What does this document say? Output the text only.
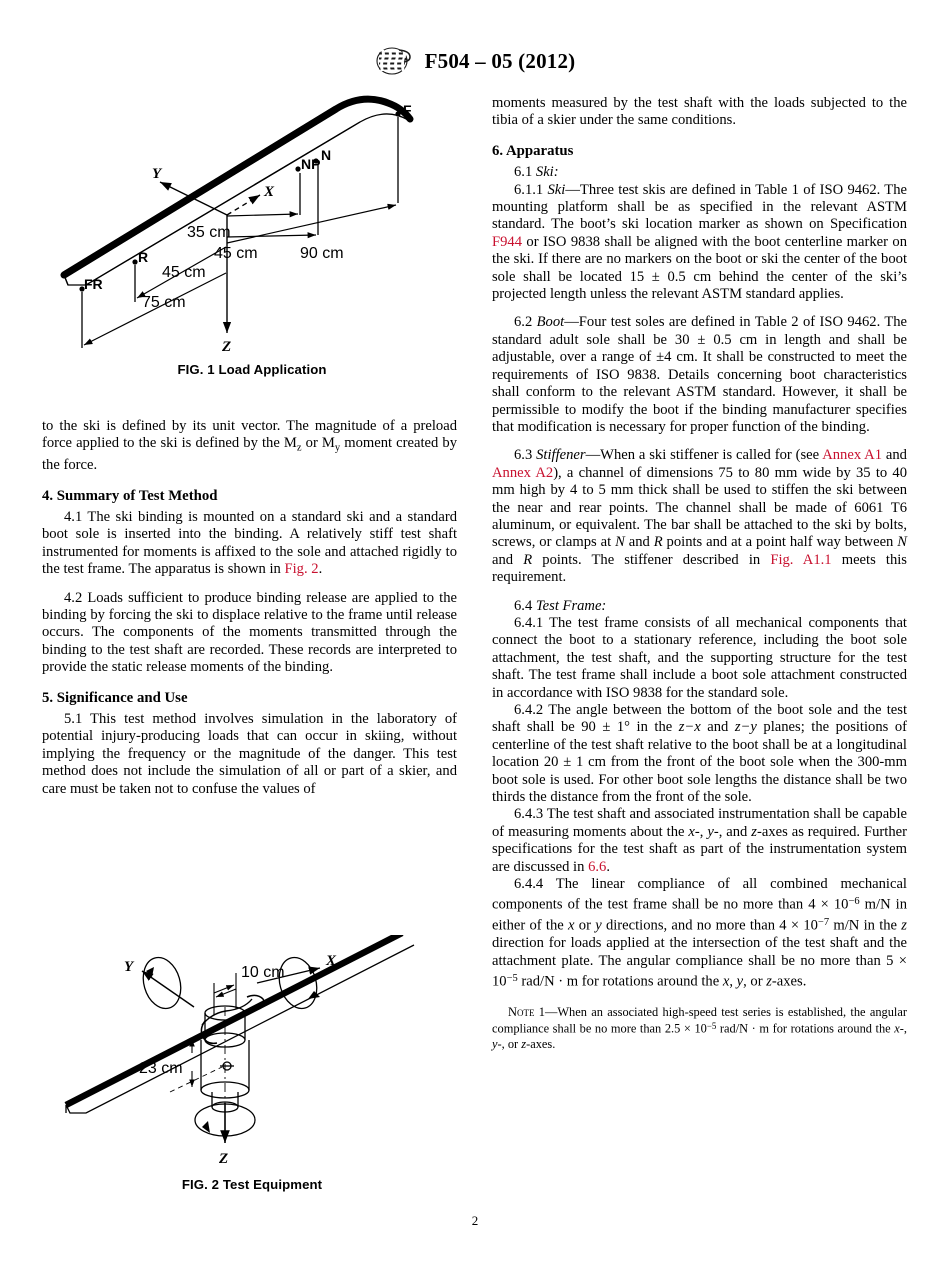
F504 – 05 (2012)
F
N
NP
R
FR
Y
X
Z
35 cm
45 cm	90 cm
45 cm
75 cm
FIG. 1 Load Application
Y	X
Z
10 cm
23 cm
FIG. 2 Test Equipment

to the ski is defined by its unit vector. The magnitude of a preload force applied to the ski is defined by the $M_z$ or $M_y$ moment created by the force.

4. Summary of Test Method

4.1 The ski binding is mounted on a standard ski and a standard boot sole is inserted into the binding. A relatively stiff test shaft instrumented for moments is affixed to the sole and attached rigidly to the test frame. The apparatus is shown in Fig. 2.

4.2 Loads sufficient to produce binding release are applied to the binding by forcing the ski to displace relative to the frame until release occurs. The components of the moments transmitted through the binding to the test shaft are recorded. These records are interpreted to provide the static release moments of the binding.

5. Significance and Use

5.1 This test method involves simulation in the laboratory of potential injury-producing loads that can occur in skiing, without implying the frequency or the magnitude of the danger. This test method does not include the simulation of all or part of a skier, and care must be taken not to confuse the values of

moments measured by the test shaft with the loads subjected to the tibia of a skier under the same conditions.

6. Apparatus

6.1 Ski:

6.1.1 Ski—Three test skis are defined in Table 1 of ISO 9462. The mounting platform shall be as specified in the relevant ASTM standard. The boot’s ski location marker as shown on Specification F944 or ISO 9838 shall be aligned with the boot centerline marker on the ski. If there are no markers on the boot or ski the center of the boot sole shall be located 15 ± 0.5 cm behind the center of the ski’s projected length unless the relevant ASTM standard applies.

6.2 Boot—Four test soles are defined in Table 2 of ISO 9462. The standard adult sole shall be 30 ± 0.5 cm in length and shall be adjustable, over a range of ±4 cm. It shall be constructed to meet the requirements of ISO 9838. Details concerning boot characteristics shall conform to the relevant ASTM standard. However, it shall be permissible to modify the boot if the binding manufacturer specifies that modification is necessary for proper function of the binding.

6.3 Stiffener—When a ski stiffener is called for (see Annex A1 and Annex A2), a channel of dimensions 75 to 80 mm wide by 35 to 40 mm high by 4 to 5 mm thick shall be used to stiffen the ski between the near and rear points. The channel shall be made of 6061 T6 aluminum, or equivalent. The bar shall be attached to the ski by bolts, screws, or clamps at N and R points and at a point half way between N and R points. The stiffener described in Fig. A1.1 meets this requirement.

6.4 Test Frame:

6.4.1 The test frame consists of all mechanical components that connect the boot to a stationary reference, including the boot sole attachment, the test shaft, and the supporting structure for the test shaft. The test frame shall include a boot sole attachment constructed in accordance with ISO 9838 for the standard sole.

6.4.2 The angle between the bottom of the boot sole and the test shaft shall be 90 ± 1° in the z−x and z−y planes; the positions of centerline of the test shaft relative to the boot shall be at a longitudinal location 20 ± 1 cm from the front of the boot sole when the 300-mm boot sole is used. For other boot sole lengths the distance shall be two thirds the distance from the front of the sole.

6.4.3 The test shaft and associated instrumentation shall be capable of measuring moments about the x-, y-, and z-axes as required. Further specifications for the test shaft as part of the instrumentation system are discussed in 6.6.

6.4.4 The linear compliance of all combined mechanical components of the test frame shall be no more than $4 \times 10^{-6}$ m/N in either of the x or y directions, and no more than $4 \times 10^{-7}$ m/N in the z direction for loads applied at the intersection of the test shaft and the attachment plate. The angular compliance shall be no more than $5 \times 10^{-5}$ rad/N · m for rotations around the x, y, or z-axes.

Note 1—When an associated high-speed test series is established, the angular compliance shall be no more than $2.5 \times 10^{-5}$ rad/N · m for rotations around the x-, y-, or z-axes.

2
